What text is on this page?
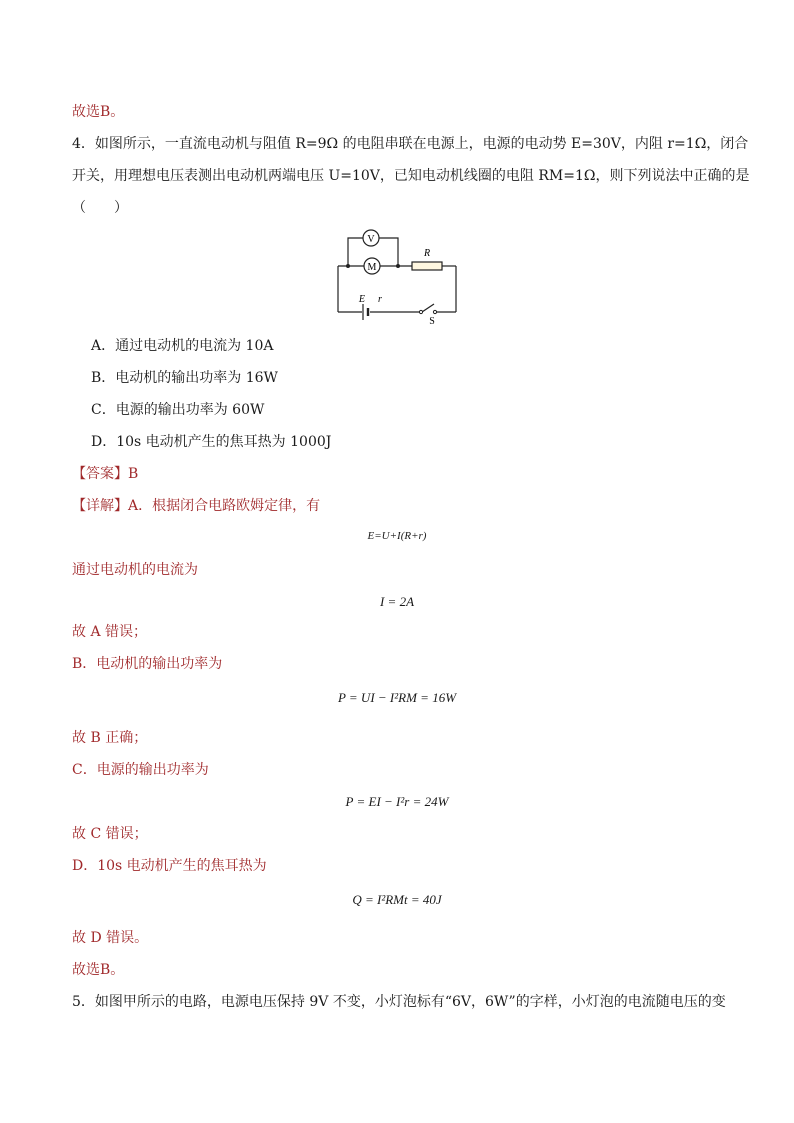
故选B。
4．如图所示，一直流电动机与阻值 R=9Ω 的电阻串联在电源上，电源的电动势 E=30V，内阻 r=1Ω，闭合
开关，用理想电压表测出电动机两端电压 U=10V，已知电动机线圈的电阻 RM=1Ω，则下列说法中正确的是
（　　）
V
M
R
E r
S
A．通过电动机的电流为 10A
B．电动机的输出功率为 16W
C．电源的输出功率为 60W
D．10s 电动机产生的焦耳热为 1000J
【答案】B
【详解】A．根据闭合电路欧姆定律，有
E=U+I(R+r)
通过电动机的电流为
I = 2A
故 A 错误；
B．电动机的输出功率为
P = UI − I²RM = 16W
故 B 正确；
C．电源的输出功率为
P = EI − I²r = 24W
故 C 错误；
D．10s 电动机产生的焦耳热为
Q = I²RMt = 40J
故 D 错误。
故选B。
5．如图甲所示的电路，电源电压保持 9V 不变，小灯泡标有“6V，6W”的字样，小灯泡的电流随电压的变
